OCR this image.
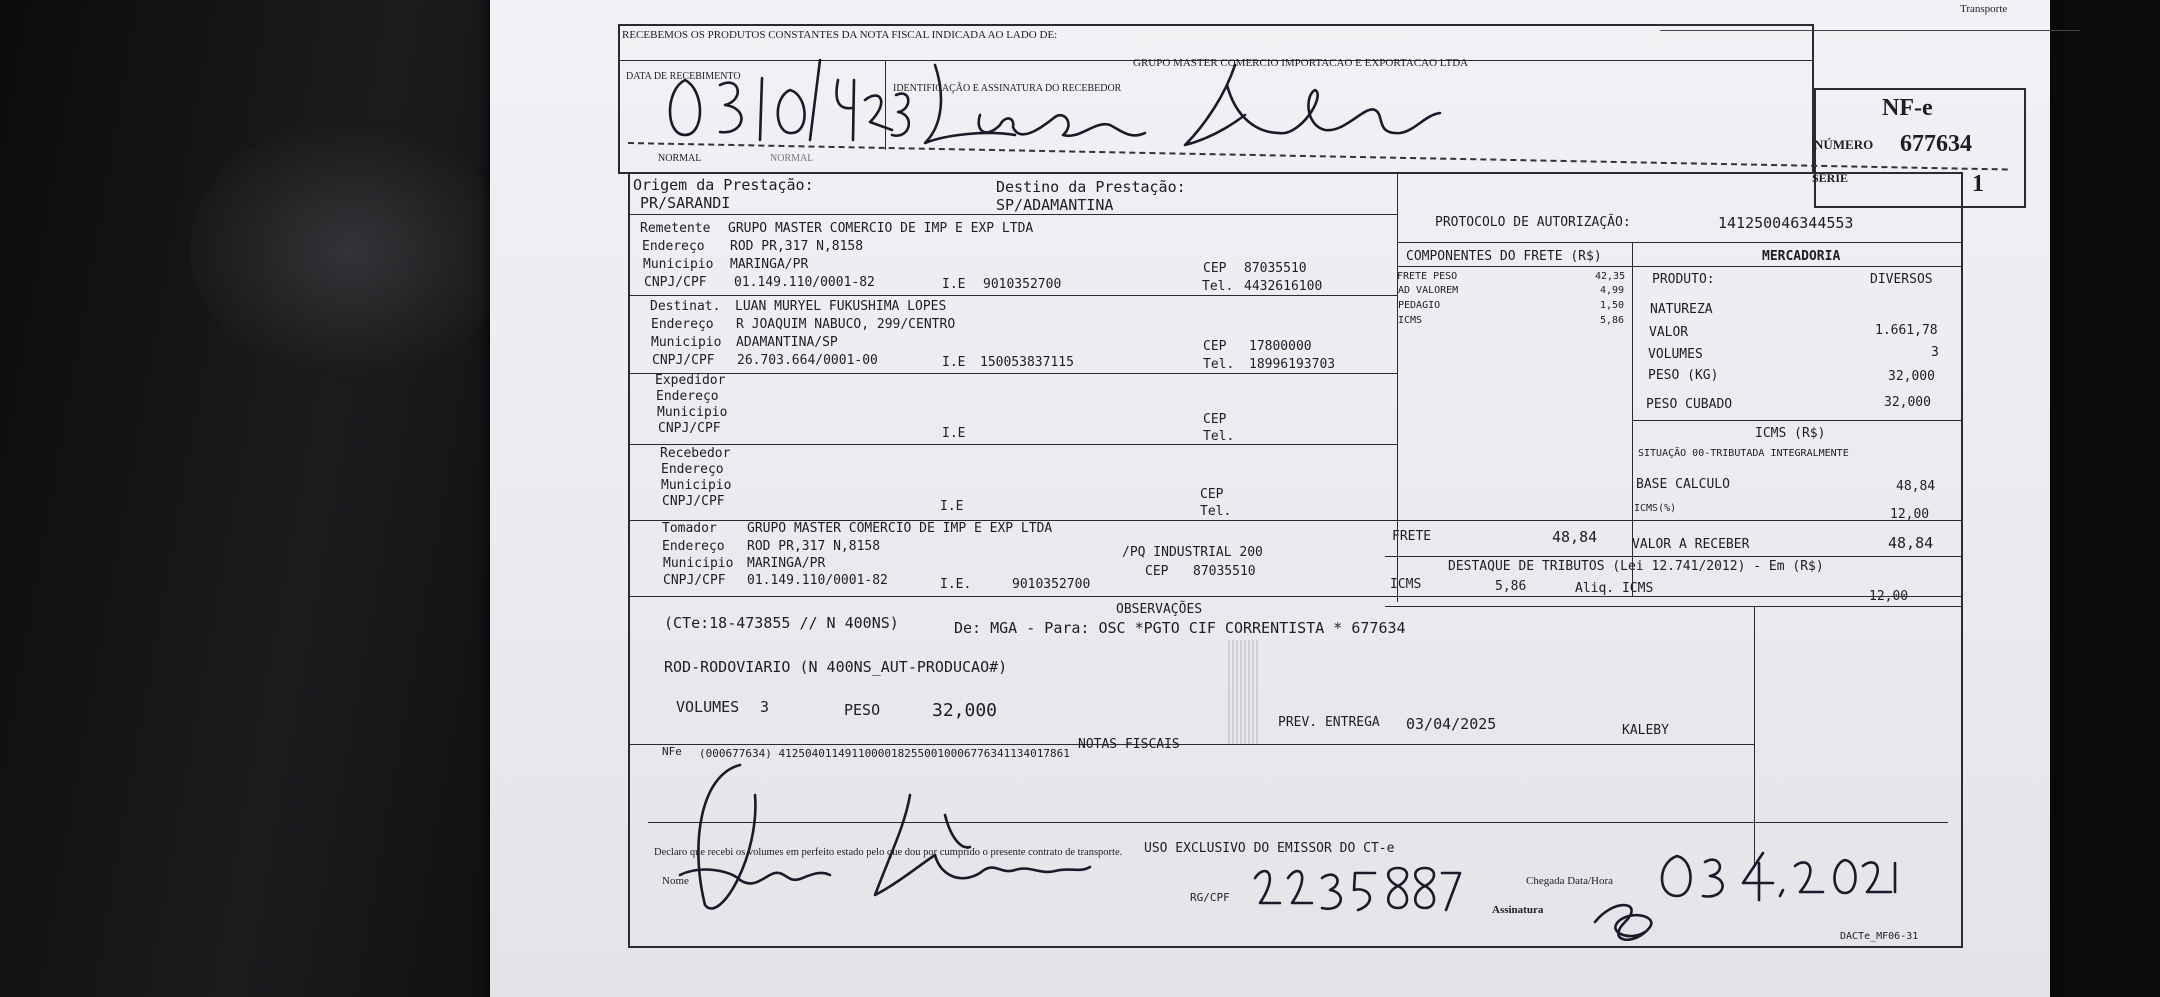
Transporte
RECEBEMOS OS PRODUTOS CONSTANTES DA NOTA FISCAL INDICADA AO LADO DE:
GRUPO MASTER COMERCIO IMPORTACAO E EXPORTACAO LTDA
DATA DE RECEBIMENTO
IDENTIFICAÇÃO E ASSINATURA DO RECEBEDOR
NF-e
NÚMERO 677634
SÉRIE	1
NORMAL	NORMAL
Origem da Prestação:
PR/SARANDI
Destino da Prestação:
SP/ADAMANTINA
PROTOCOLO DE AUTORIZAÇÃO:	141250046344553
Remetente GRUPO MASTER COMERCIO DE IMP E EXP LTDA
Endereço ROD PR,317 N,8158
Municipio MARINGA/PR
CNPJ/CPF 01.149.110/0001-82	I.E 9010352700
CEP 87035510
Tel. 4432616100
Destinat. LUAN MURYEL FUKUSHIMA LOPES
Endereço R JOAQUIM NABUCO, 299/CENTRO
Municipio ADAMANTINA/SP
CNPJ/CPF 26.703.664/0001-00	I.E 150053837115
CEP 17800000
Tel. 18996193703
Expedidor
Endereço
Municipio
CNPJ/CPF	I.E
CEP
Tel.
Recebedor
Endereço
Municipio
CNPJ/CPF	I.E
CEP
Tel.
Tomador GRUPO MASTER COMERCIO DE IMP E EXP LTDA
Endereço ROD PR,317 N,8158	/PQ INDUSTRIAL 200
Municipio MARINGA/PR
CNPJ/CPF 01.149.110/0001-82	I.E.	9010352700
CEP 87035510
COMPONENTES DO FRETE (R$)
FRETE PESO	42,35
AD VALOREM	4,99
PEDAGIO	1,50
ICMS	5,86
MERCADORIA
PRODUTO:	DIVERSOS
NATUREZA
VALOR	1.661,78
VOLUMES	3
PESO (KG)	32,000
PESO CUBADO	32,000
ICMS (R$)
SITUAÇÃO 00-TRIBUTADA INTEGRALMENTE
BASE CALCULO	48,84
ICMS(%)	12,00
FRETE	48,84	VALOR A RECEBER	48,84
DESTAQUE DE TRIBUTOS (Lei 12.741/2012) - Em (R$)
ICMS	5,86	Aliq. ICMS
12,00
OBSERVAÇÕES
(CTe:18-473855 // N 400NS)	De: MGA - Para: OSC *PGTO CIF CORRENTISTA * 677634
ROD-RODOVIARIO (N 400NS_AUT-PRODUCAO#)
VOLUMES 3	PESO	32,000
PREV. ENTREGA 03/04/2025	KALEBY
NOTAS FISCAIS
NFe (000677634) 41250401149110000182550010006776341134017861
USO EXCLUSIVO DO EMISSOR DO CT-e
Declaro que recebi os volumes em perfeito estado pelo que dou por cumprido o presente contrato de transporte.
Nome
RG/CPF
Chegada Data/Hora
Assinatura
DACTe_MF06-31
